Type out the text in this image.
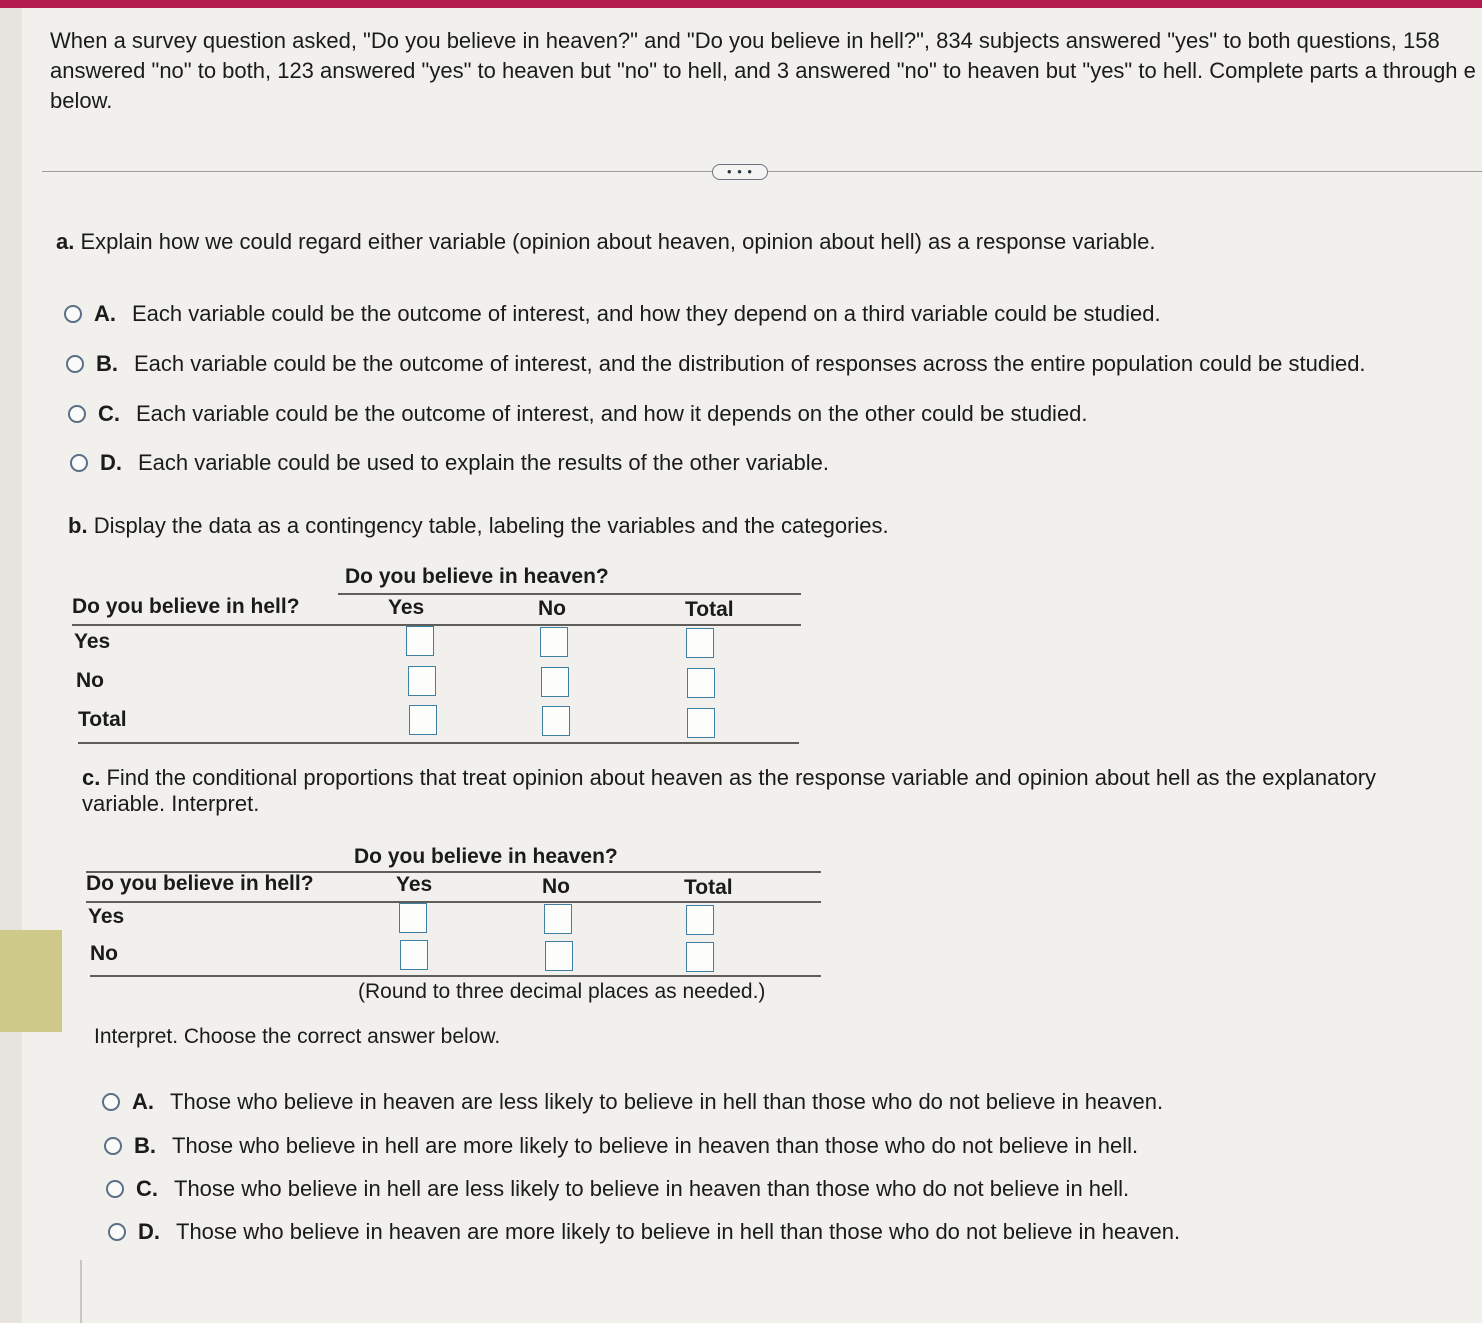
When a survey question asked, "Do you believe in heaven?" and "Do you believe in hell?", 834 subjects answered "yes" to both questions, 158 answered "no" to both, 123 answered "yes" to heaven but "no" to hell, and 3 answered "no" to heaven but "yes" to hell. Complete parts a through e below.

• • •

a. Explain how we could regard either variable (opinion about heaven, opinion about hell) as a response variable.

A. Each variable could be the outcome of interest, and how they depend on a third variable could be studied.
B. Each variable could be the outcome of interest, and the distribution of responses across the entire population could be studied.
C. Each variable could be the outcome of interest, and how it depends on the other could be studied.
D. Each variable could be used to explain the results of the other variable.

b. Display the data as a contingency table, labeling the variables and the categories.

Do you believe in heaven?
Do you believe in hell?	Yes	No	Total
Yes
No
Total

c. Find the conditional proportions that treat opinion about heaven as the response variable and opinion about hell as the explanatory variable. Interpret.

Do you believe in heaven?
Do you believe in hell?	Yes	No	Total
Yes
No
(Round to three decimal places as needed.)
Interpret. Choose the correct answer below.
A. Those who believe in heaven are less likely to believe in hell than those who do not believe in heaven.
B. Those who believe in hell are more likely to believe in heaven than those who do not believe in hell.
C. Those who believe in hell are less likely to believe in heaven than those who do not believe in hell.
D. Those who believe in heaven are more likely to believe in hell than those who do not believe in heaven.
